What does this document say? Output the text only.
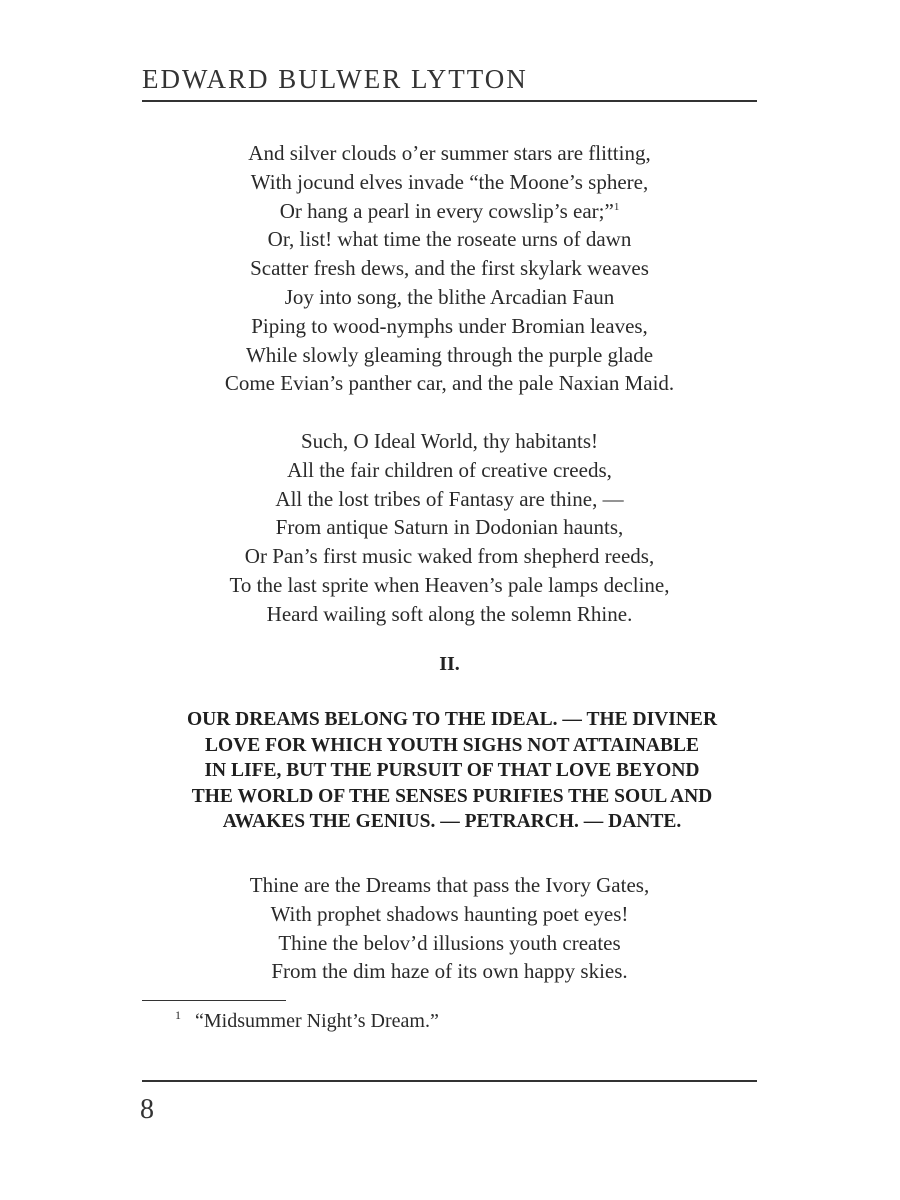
EDWARD BULWER LYTTON
And silver clouds o’er summer stars are flitting,
With jocund elves invade “the Moone’s sphere,
Or hang a pearl in every cowslip’s ear;”$^1$
Or, list! what time the roseate urns of dawn
Scatter fresh dews, and the first skylark weaves
Joy into song, the blithe Arcadian Faun
Piping to wood-nymphs under Bromian leaves,
While slowly gleaming through the purple glade
Come Evian’s panther car, and the pale Naxian Maid.
Such, O Ideal World, thy habitants!
All the fair children of creative creeds,
All the lost tribes of Fantasy are thine, —
From antique Saturn in Dodonian haunts,
Or Pan’s first music waked from shepherd reeds,
To the last sprite when Heaven’s pale lamps decline,
Heard wailing soft along the solemn Rhine.
II.
OUR DREAMS BELONG TO THE IDEAL. — THE DIVINER
LOVE FOR WHICH YOUTH SIGHS NOT ATTAINABLE
IN LIFE, BUT THE PURSUIT OF THAT LOVE BEYOND
THE WORLD OF THE SENSES PURIFIES THE SOUL AND
AWAKES THE GENIUS. — PETRARCH. — DANTE.
Thine are the Dreams that pass the Ivory Gates,
With prophet shadows haunting poet eyes!
Thine the belov’d illusions youth creates
From the dim haze of its own happy skies.
$^1$ “Midsummer Night’s Dream.”
8
